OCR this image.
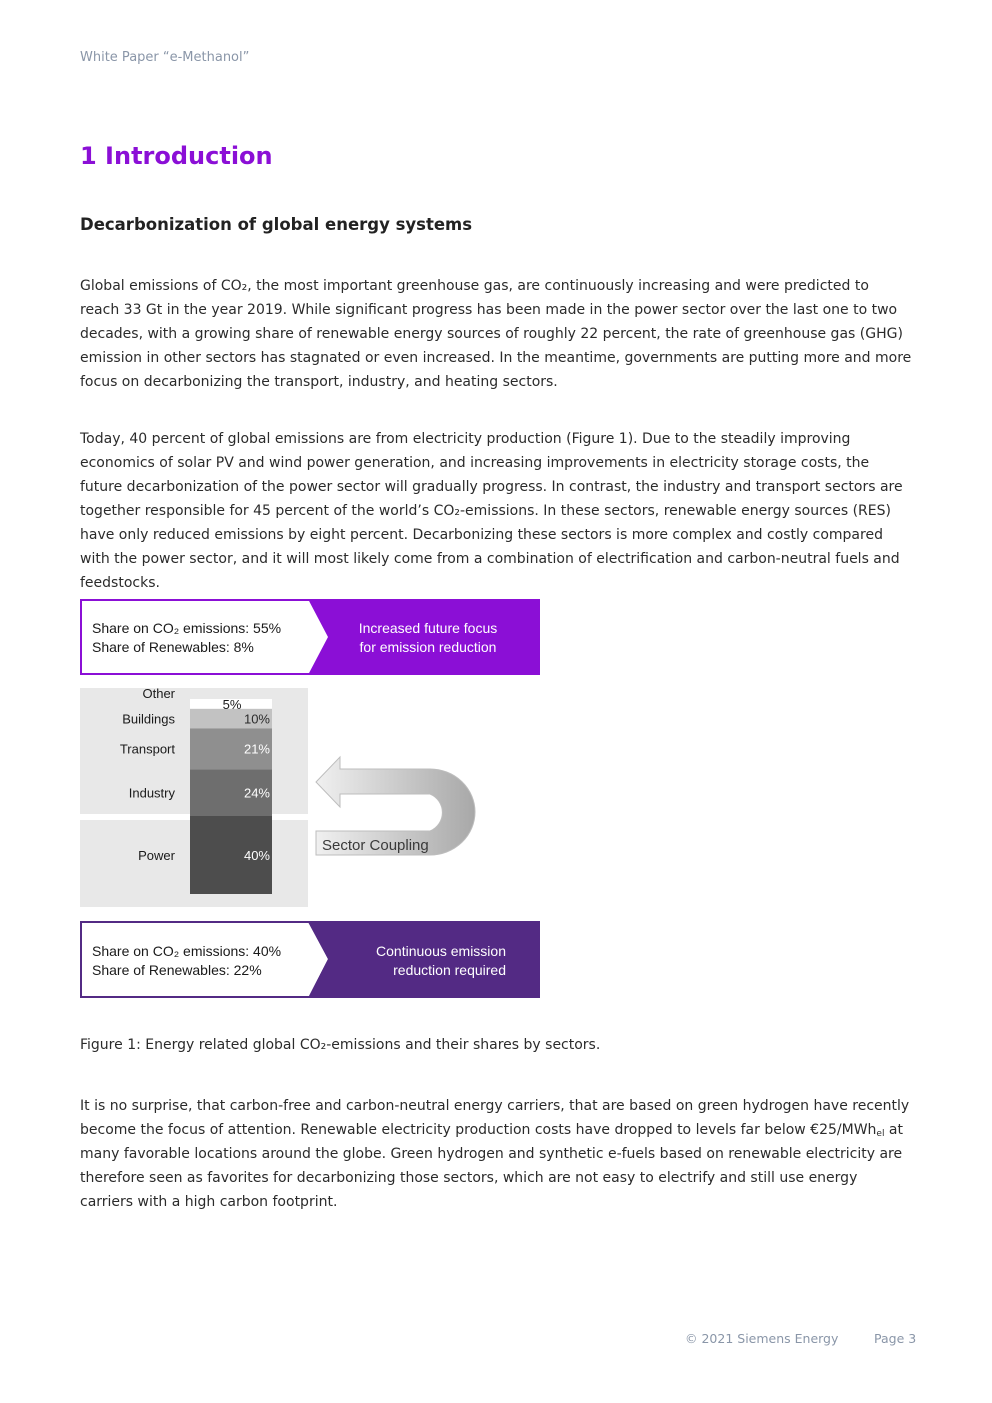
White Paper “e-Methanol”
1 Introduction
Decarbonization of global energy systems
Global emissions of CO₂, the most important greenhouse gas, are continuously increasing and were predicted to reach 33 Gt in the year 2019. While significant progress has been made in the power sector over the last one to two decades, with a growing share of renewable energy sources of roughly 22 percent, the rate of greenhouse gas (GHG) emission in other sectors has stagnated or even increased. In the meantime, governments are putting more and more focus on decarbonizing the transport, industry, and heating sectors.
Today, 40 percent of global emissions are from electricity production (Figure 1). Due to the steadily improving economics of solar PV and wind power generation, and increasing improvements in electricity storage costs, the future decarbonization of the power sector will gradually progress. In contrast, the industry and transport sectors are together responsible for 45 percent of the world’s CO₂-emissions. In these sectors, renewable energy sources (RES) have only reduced emissions by eight percent. Decarbonizing these sectors is more complex and costly compared with the power sector, and it will most likely come from a combination of electrification and carbon-neutral fuels and feedstocks.
Share on CO₂ emissions: 55%
Share of Renewables: 8%
Increased future focus
for emission reduction
Power
Industry
Transport
Buildings
Other
40%
24%
21%
10%
5%
Sector Coupling
Share on CO₂ emissions: 40%
Share of Renewables: 22%
Continuous emission
reduction required
Figure 1: Energy related global CO₂-emissions and their shares by sectors.
It is no surprise, that carbon-free and carbon-neutral energy carriers, that are based on green hydrogen have recently become the focus of attention. Renewable electricity production costs have dropped to levels far below €25/MWh$_{el}$ at many favorable locations around the globe. Green hydrogen and synthetic e-fuels based on renewable electricity are therefore seen as favorites for decarbonizing those sectors, which are not easy to electrify and still use energy carriers with a high carbon footprint.
© 2021 Siemens Energy	Page 3
